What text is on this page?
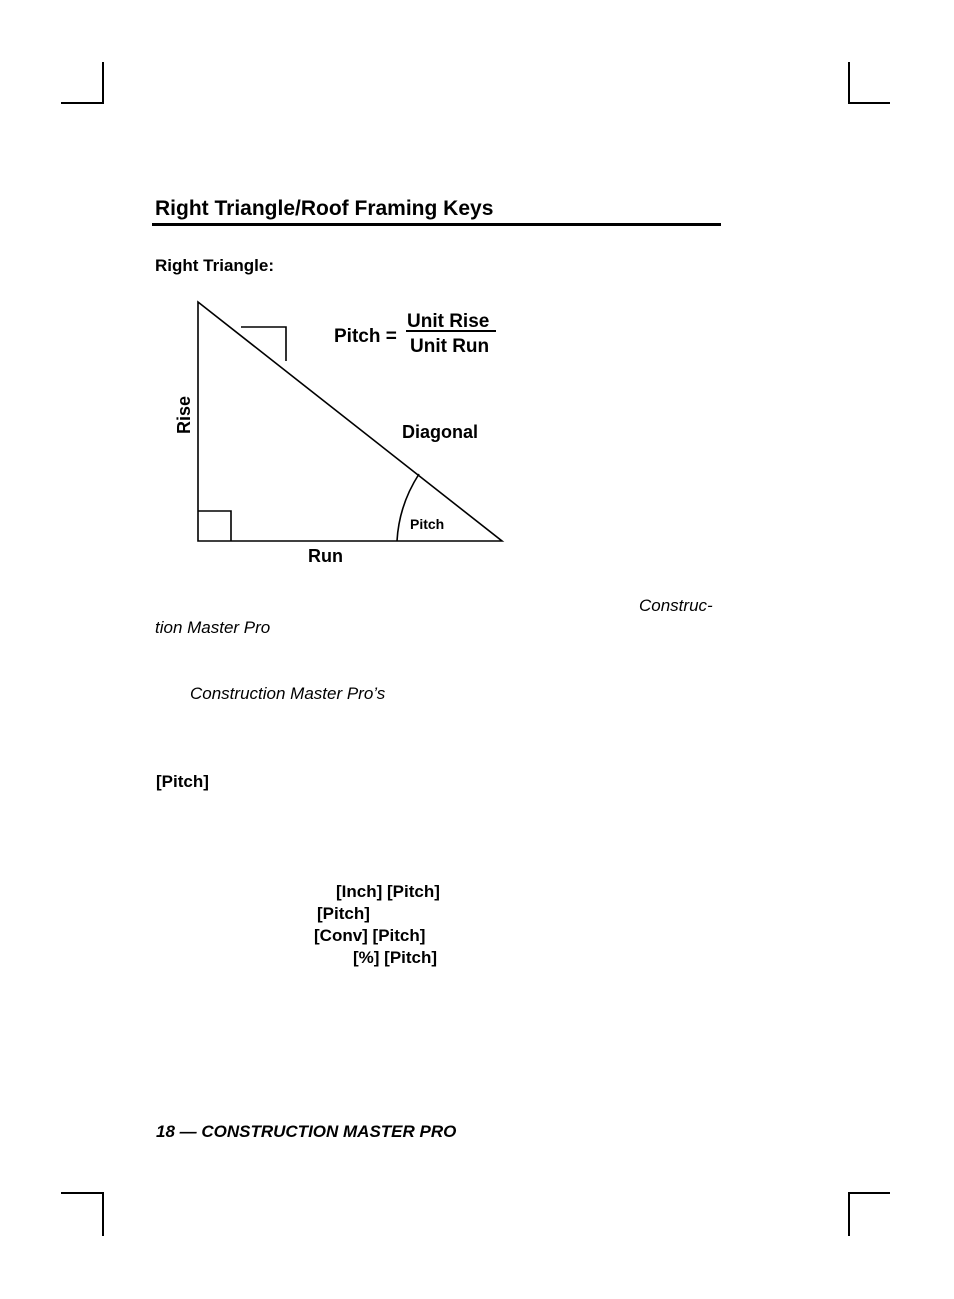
Right Triangle/Roof Framing Keys
Right Triangle:
Pitch =
Unit Rise
Unit Run
Rise
Run
Diagonal
Pitch
Construc-
tion Master Pro
Construction Master Pro’s
[Pitch]
[Inch] [Pitch]
[Pitch]
[Conv] [Pitch]
[%] [Pitch]
18 — CONSTRUCTION MASTER PRO
